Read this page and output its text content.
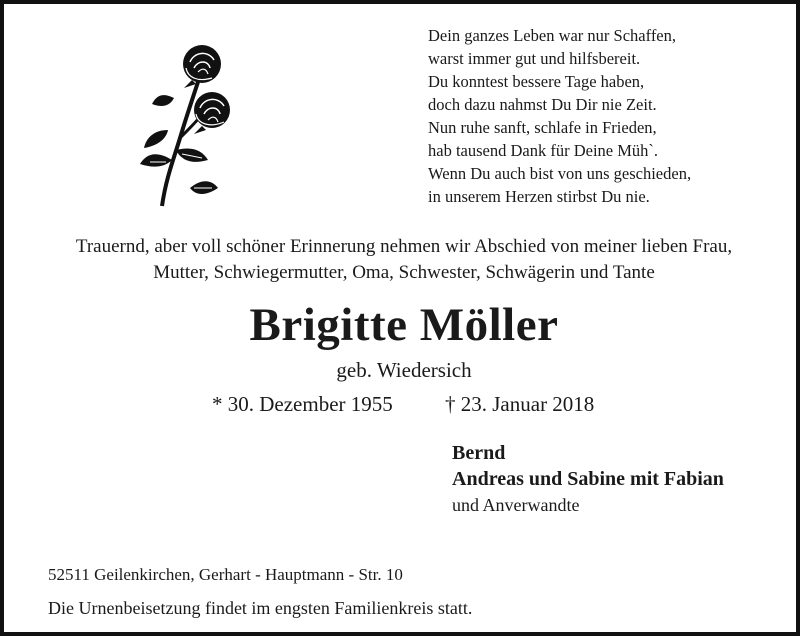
Dein ganzes Leben war nur Schaffen,
warst immer gut und hilfsbereit.
Du konntest bessere Tage haben,
doch dazu nahmst Du Dir nie Zeit.
Nun ruhe sanft, schlafe in Frieden,
hab tausend Dank für Deine Müh`.
Wenn Du auch bist von uns geschieden,
in unserem Herzen stirbst Du nie.
Trauernd, aber voll schöner Erinnerung nehmen wir Abschied von meiner lieben Frau,
Mutter, Schwiegermutter, Oma, Schwester, Schwägerin und Tante
Brigitte Möller
geb. Wiedersich
* 30. Dezember 1955 † 23. Januar 2018
Bernd
Andreas und Sabine mit Fabian
und Anverwandte
52511 Geilenkirchen, Gerhart - Hauptmann - Str. 10
Die Urnenbeisetzung findet im engsten Familienkreis statt.
